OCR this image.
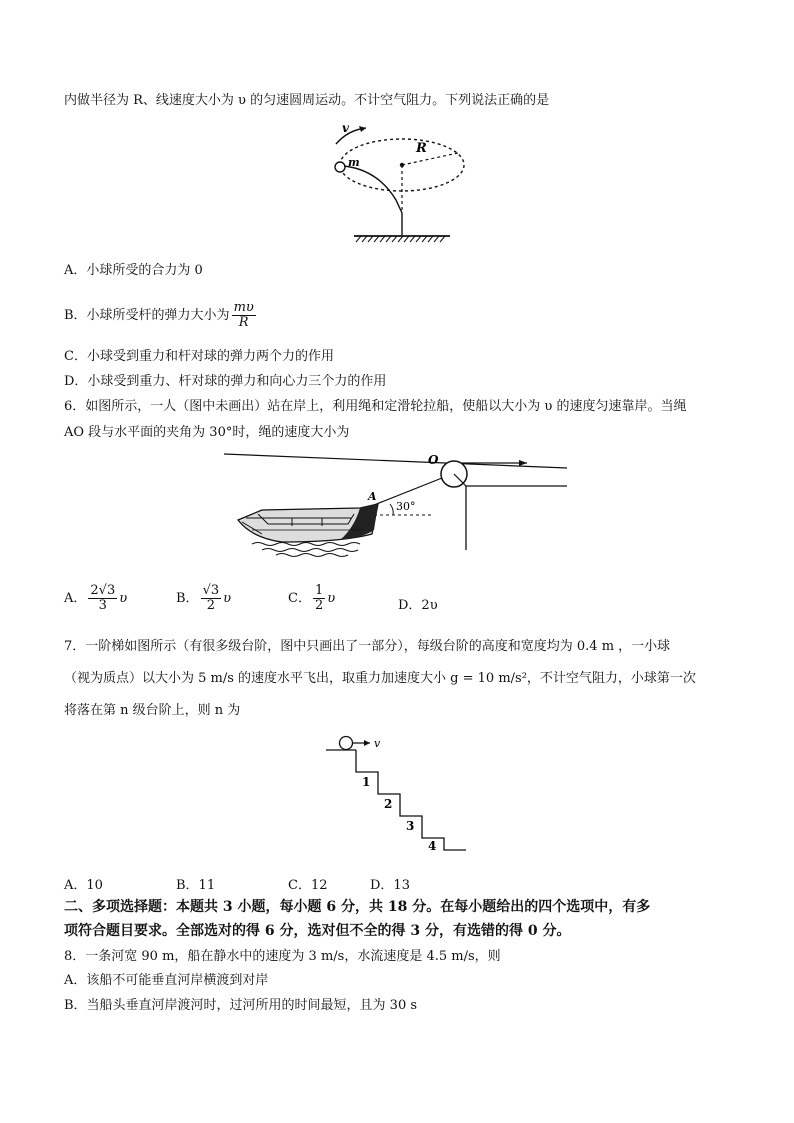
内做半径为 R、线速度大小为 υ 的匀速圆周运动。不计空气阻力。下列说法正确的是
v
m
R
A．小球所受的合力为 0
B．小球所受杆的弹力大小为 $\frac{m\upsilon}{R}$
C．小球受到重力和杆对球的弹力两个力的作用
D．小球受到重力、杆对球的弹力和向心力三个力的作用
6．如图所示，一人（图中未画出）站在岸上，利用绳和定滑轮拉船，使船以大小为 υ 的速度匀速靠岸。当绳
AO 段与水平面的夹角为 30°时，绳的速度大小为
O
A
30°
A． $\frac{2√3}{3}$ υ	B． $\frac{√3}{2}$ υ	C． $\frac{1}{2}$ υ	D．2υ
7．一阶梯如图所示（有很多级台阶，图中只画出了一部分），每级台阶的高度和宽度均为 0.4 m ，一小球
（视为质点）以大小为 5 m/s 的速度水平飞出，取重力加速度大小 g = 10 m/s²，不计空气阻力，小球第一次
将落在第 n 级台阶上，则 n 为
v
1
2
3
4
A．10	B．11	C．12	D．13
二、多项选择题：本题共 3 小题，每小题 6 分，共 18 分。在每小题给出的四个选项中，有多
项符合题目要求。全部选对的得 6 分，选对但不全的得 3 分，有选错的得 0 分。
8．一条河宽 90 m，船在静水中的速度为 3 m/s，水流速度是 4.5 m/s，则
A．该船不可能垂直河岸横渡到对岸
B．当船头垂直河岸渡河时，过河所用的时间最短，且为 30 s
